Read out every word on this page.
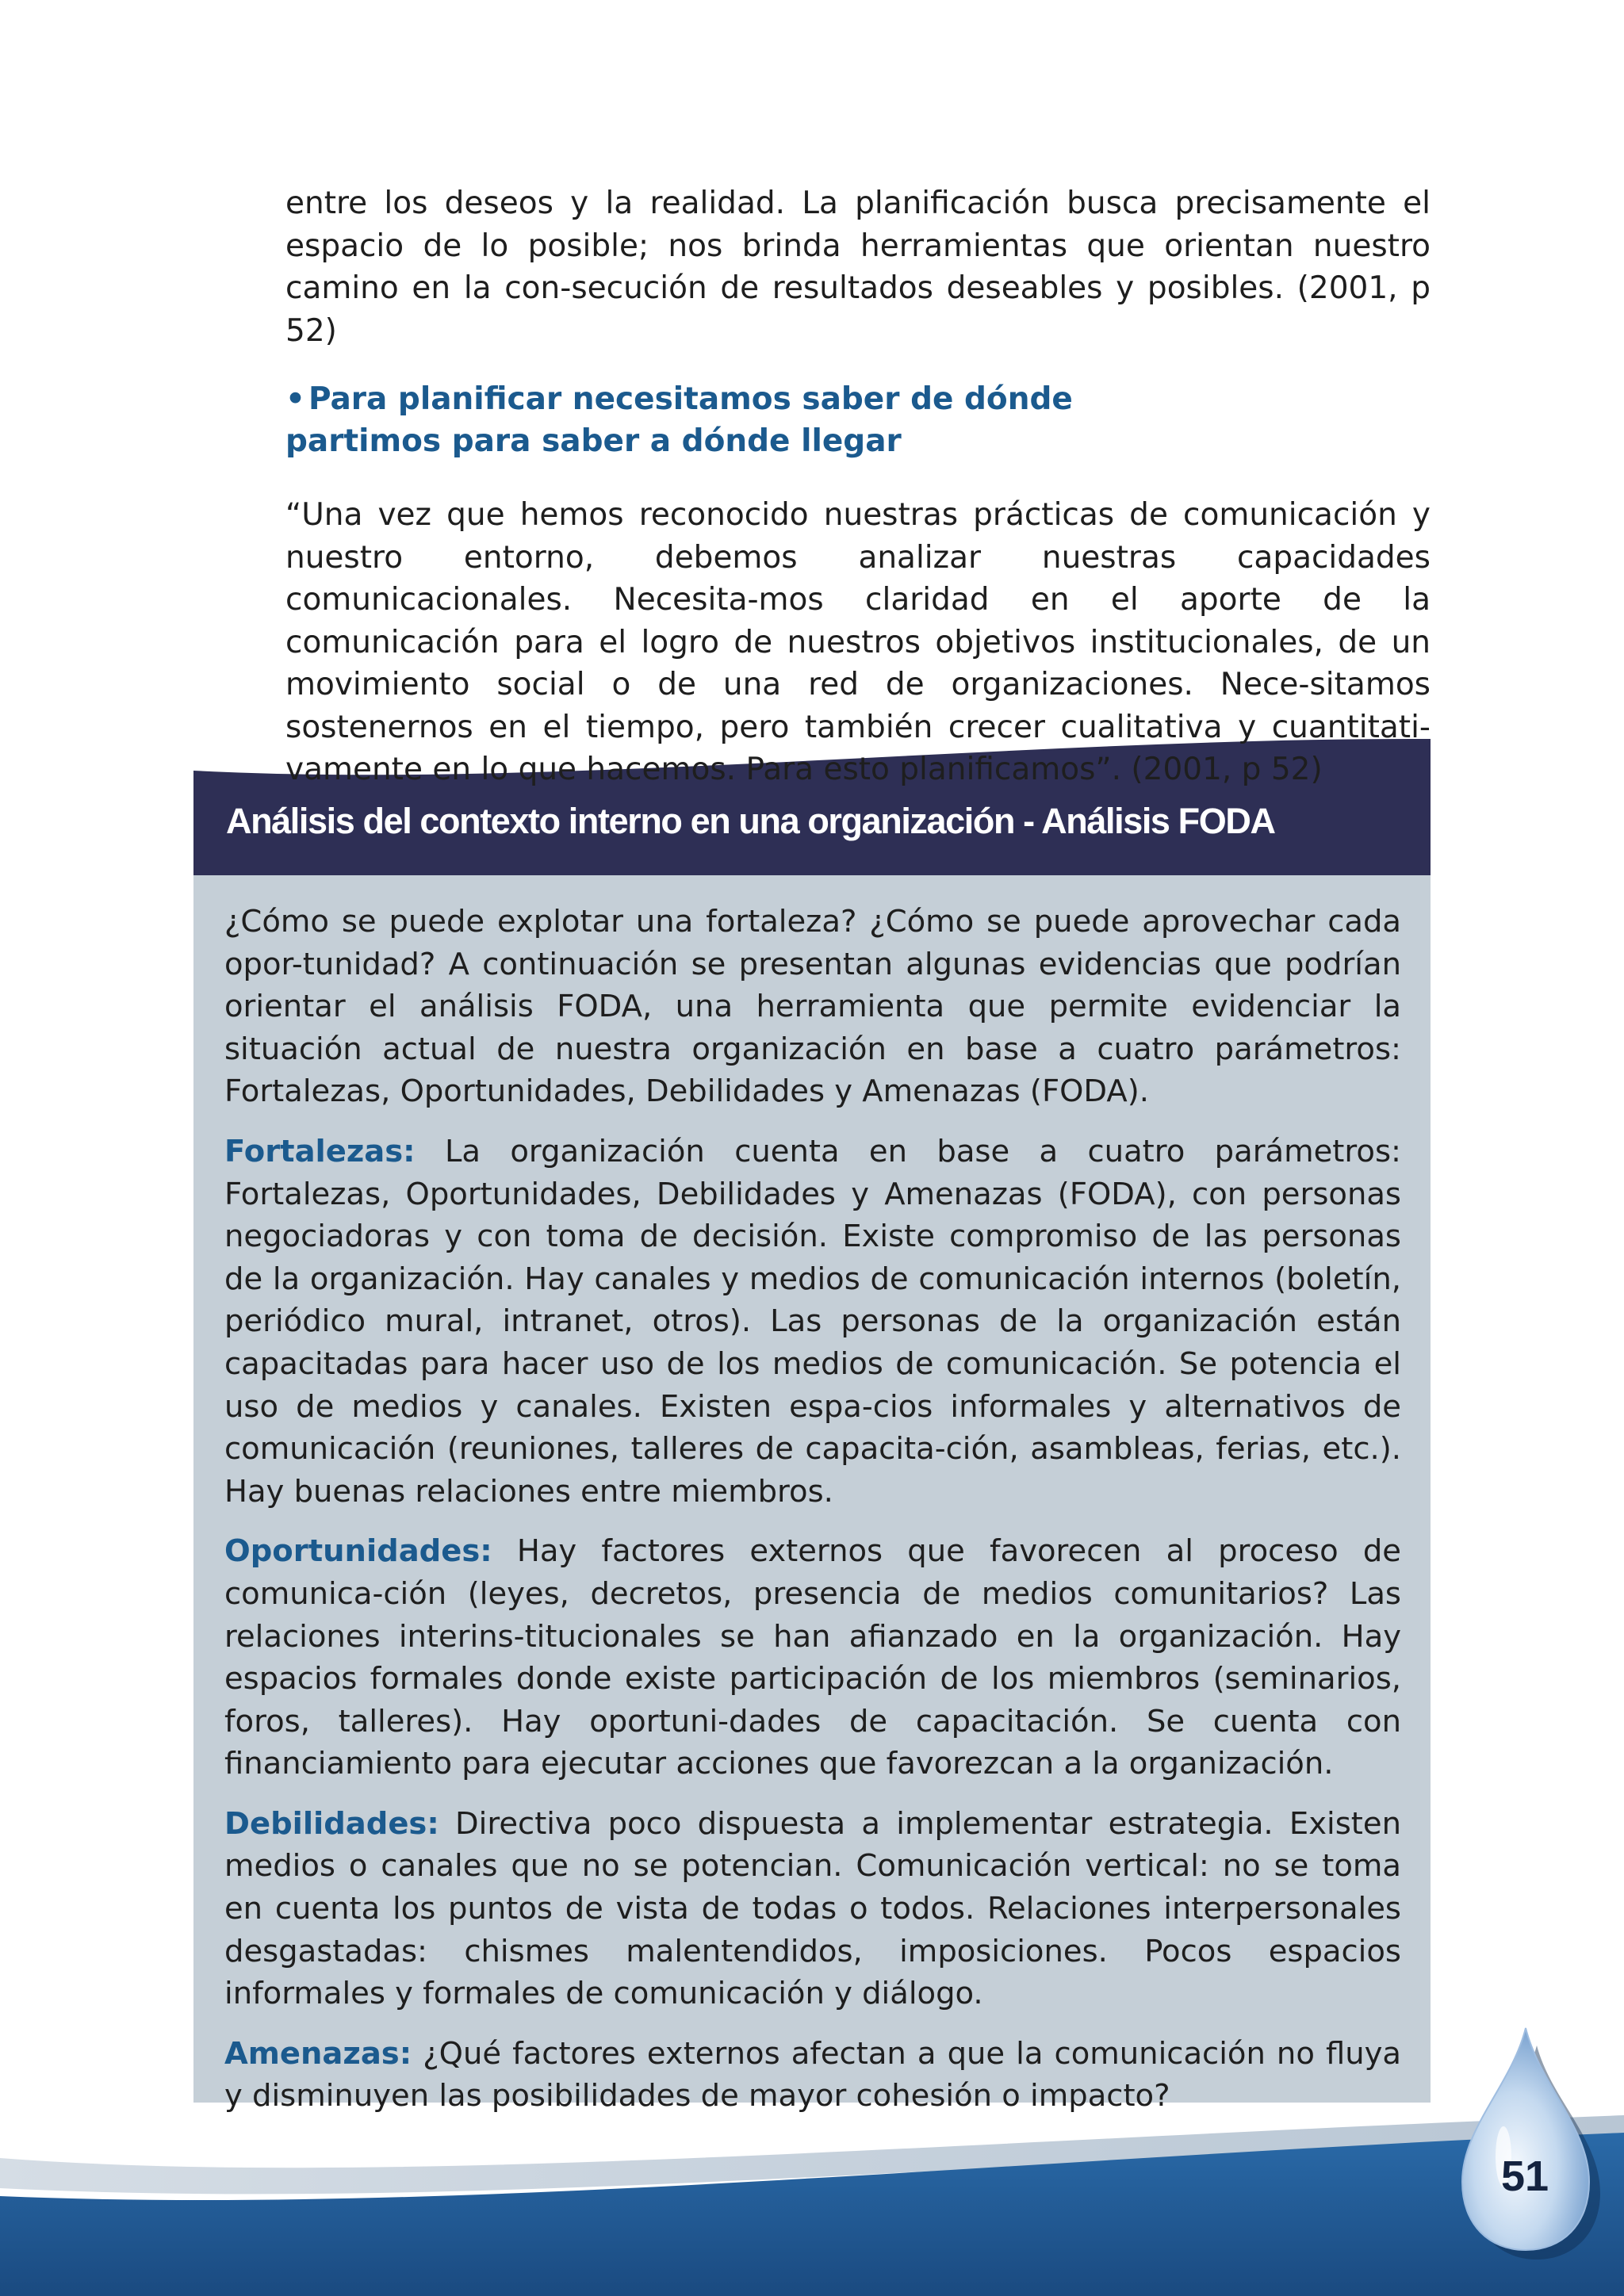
entre los deseos y la realidad. La planificación busca precisamente el espacio de lo posible; nos brinda herramientas que orientan nuestro camino en la con-secución de resultados deseables y posibles. (2001, p 52)

• Para planificar necesitamos saber de dónde partimos para saber a dónde llegar

“Una vez que hemos reconocido nuestras prácticas de comunicación y nuestro entorno, debemos analizar nuestras capacidades comunicacionales. Necesita-mos claridad en el aporte de la comunicación para el logro de nuestros objetivos institucionales, de un movimiento social o de una red de organizaciones. Nece-sitamos sostenernos en el tiempo, pero también crecer cualitativa y cuantitati-vamente en lo que hacemos. Para esto planificamos”. (2001, p 52)

Análisis del contexto interno en una organización - Análisis FODA

¿Cómo se puede explotar una fortaleza? ¿Cómo se puede aprovechar cada opor-tunidad? A continuación se presentan algunas evidencias que podrían orientar el análisis FODA, una herramienta que permite evidenciar la situación actual de nuestra organización en base a cuatro parámetros: Fortalezas, Oportunidades, Debilidades y Amenazas (FODA).

Fortalezas: La organización cuenta en base a cuatro parámetros: Fortalezas, Oportunidades, Debilidades y Amenazas (FODA), con personas negociadoras y con toma de decisión. Existe compromiso de las personas de la organización. Hay canales y medios de comunicación internos (boletín, periódico mural, intranet, otros). Las personas de la organización están capacitadas para hacer uso de los medios de comunicación. Se potencia el uso de medios y canales. Existen espa-cios informales y alternativos de comunicación (reuniones, talleres de capacita-ción, asambleas, ferias, etc.). Hay buenas relaciones entre miembros.

Oportunidades: Hay factores externos que favorecen al proceso de comunica-ción (leyes, decretos, presencia de medios comunitarios? Las relaciones interins-titucionales se han afianzado en la organización. Hay espacios formales donde existe participación de los miembros (seminarios, foros, talleres). Hay oportuni-dades de capacitación. Se cuenta con financiamiento para ejecutar acciones que favorezcan a la organización.

Debilidades: Directiva poco dispuesta a implementar estrategia. Existen medios o canales que no se potencian. Comunicación vertical: no se toma en cuenta los puntos de vista de todas o todos. Relaciones interpersonales desgastadas: chismes malentendidos, imposiciones. Pocos espacios informales y formales de comunicación y diálogo.

Amenazas: ¿Qué factores externos afectan a que la comunicación no fluya y disminuyen las posibilidades de mayor cohesión o impacto?

51
